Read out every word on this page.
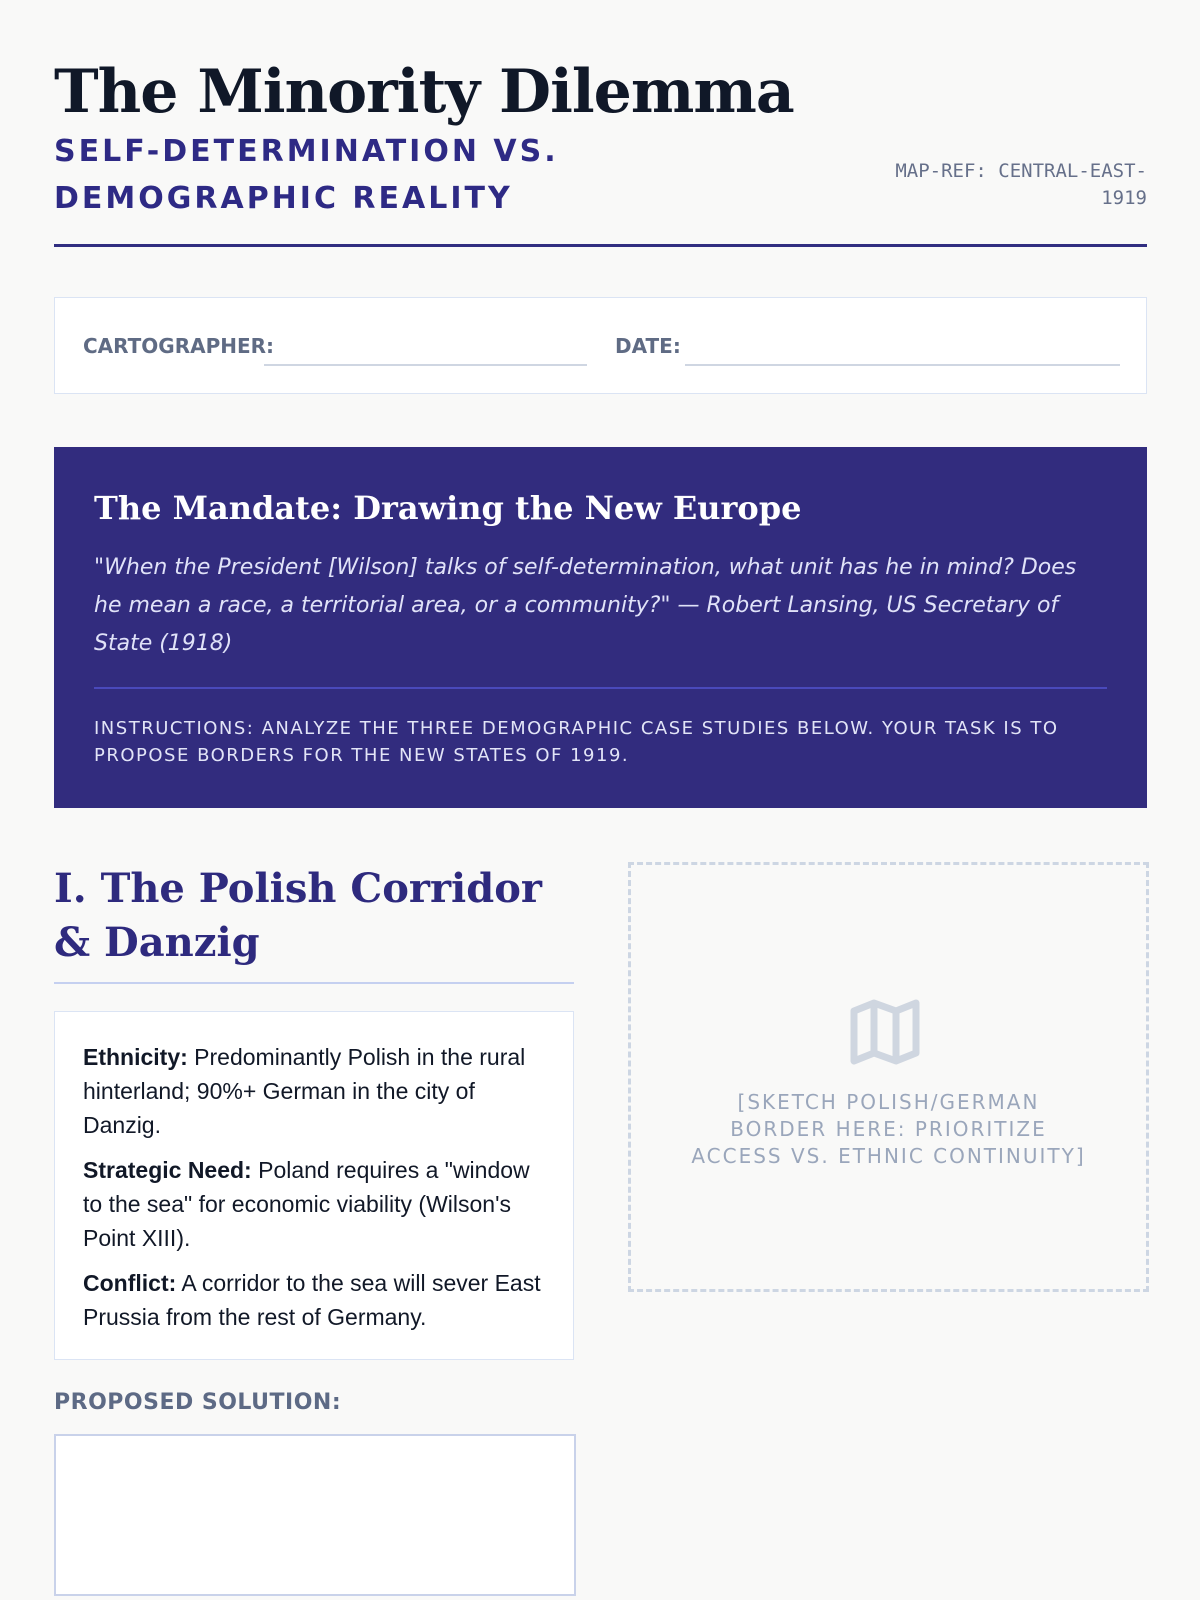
The Minority Dilemma
SELF-DETERMINATION VS. DEMOGRAPHIC REALITY
MAP-REF: CENTRAL-EAST-1919
CARTOGRAPHER:	DATE:
The Mandate: Drawing the New Europe
"When the President [Wilson] talks of self-determination, what unit has he in mind? Does he mean a race, a territorial area, or a community?" — Robert Lansing, US Secretary of State (1918)
INSTRUCTIONS: ANALYZE THE THREE DEMOGRAPHIC CASE STUDIES BELOW. YOUR TASK IS TO PROPOSE BORDERS FOR THE NEW STATES OF 1919.
I. The Polish Corridor & Danzig

Ethnicity: Predominantly Polish in the rural hinterland; 90%+ German in the city of Danzig.

Strategic Need: Poland requires a "window to the sea" for economic viability (Wilson's Point XIII).

Conflict: A corridor to the sea will sever East Prussia from the rest of Germany.

PROPOSED SOLUTION:
[SKETCH POLISH/GERMAN BORDER HERE: PRIORITIZE ACCESS VS. ETHNIC CONTINUITY]
